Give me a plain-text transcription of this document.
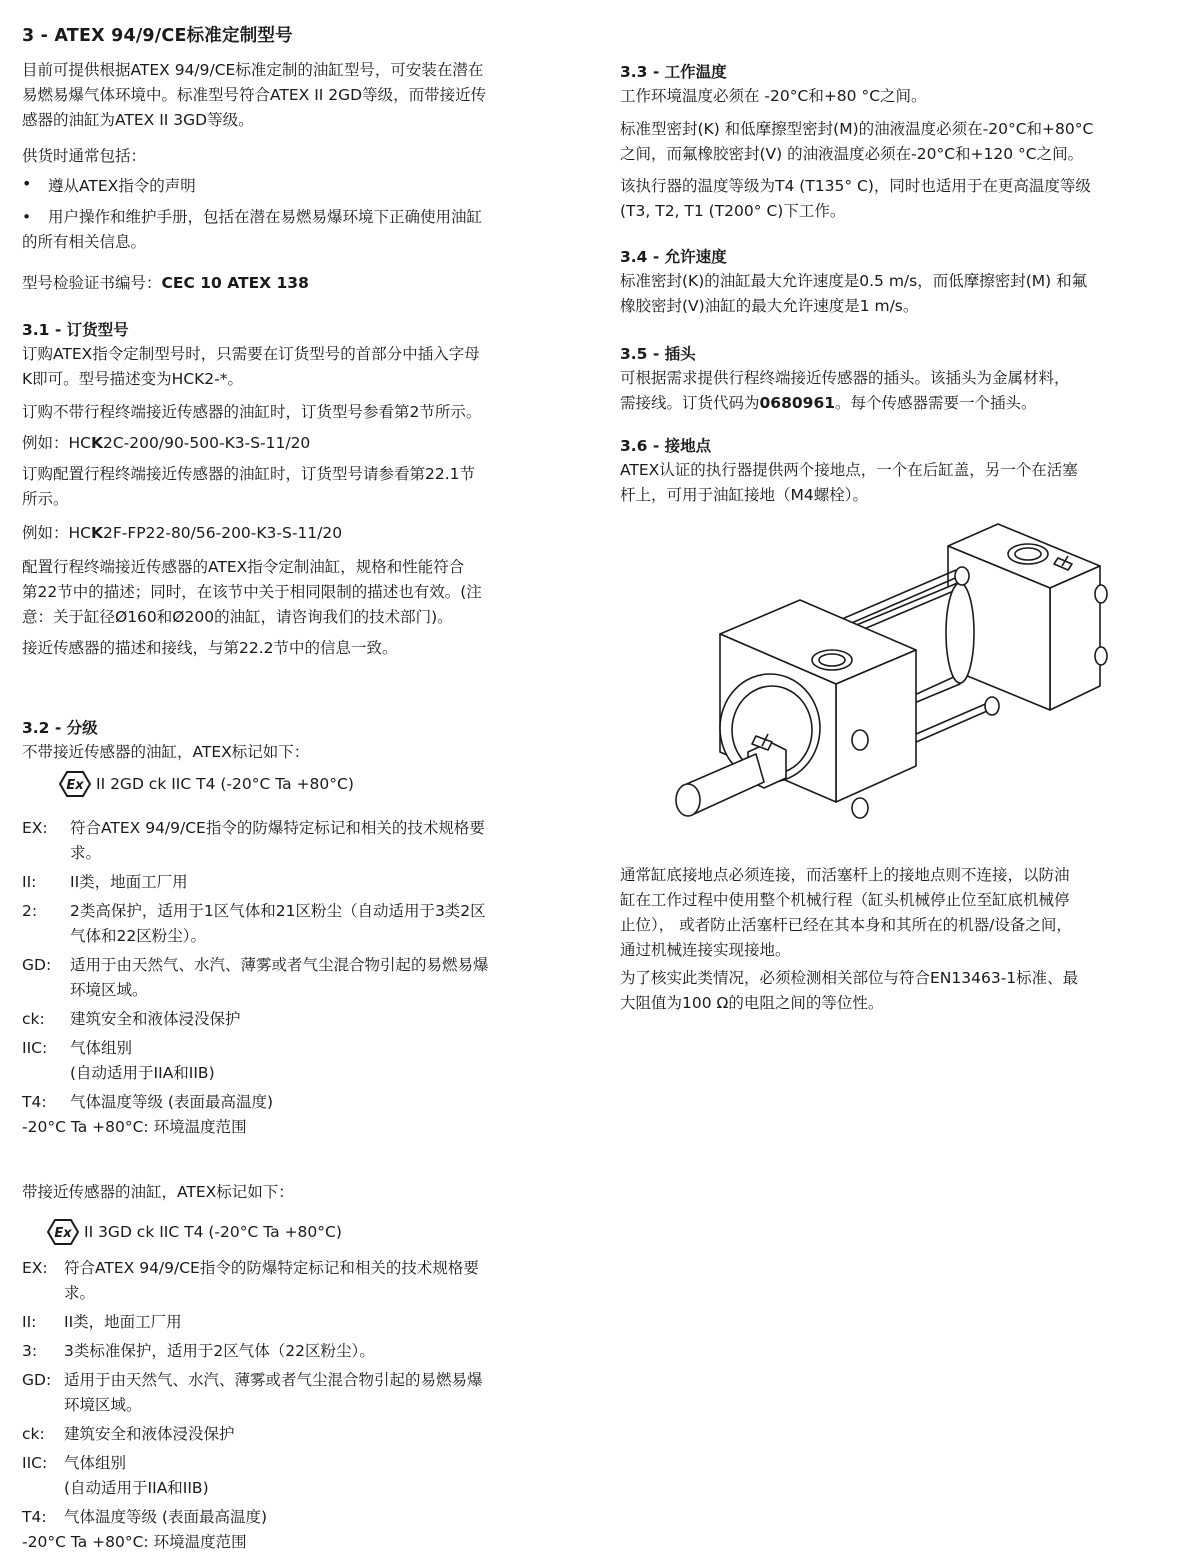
3 - ATEX 94/9/CE标准定制型号

目前可提供根据ATEX 94/9/CE标准定制的油缸型号，可安装在潜在

易燃易爆气体环境中。标准型号符合ATEX II 2GD等级，而带接近传

感器的油缸为ATEX II 3GD等级。

供货时通常包括：

•	遵从ATEX指令的声明

• 用户操作和维护手册，包括在潜在易燃易爆环境下正确使用油缸

的所有相关信息。

型号检验证书编号：CEC 10 ATEX 138

3.1 - 订货型号

订购ATEX指令定制型号时，只需要在订货型号的首部分中插入字母

K即可。型号描述变为HCK2-*。

订购不带行程终端接近传感器的油缸时，订货型号参看第2节所示。

例如：HCK2C-200/90-500-K3-S-11/20

订购配置行程终端接近传感器的油缸时，订货型号请参看第22.1节

所示。

例如：HCK2F-FP22-80/56-200-K3-S-11/20

配置行程终端接近传感器的ATEX指令定制油缸，规格和性能符合

第22节中的描述；同时，在该节中关于相同限制的描述也有效。(注

意：关于缸径Ø160和Ø200的油缸，请咨询我们的技术部门)。

接近传感器的描述和接线，与第22.2节中的信息一致。

3.2 - 分级

不带接近传感器的油缸，ATEX标记如下：

Ex II 2GD ck IIC T4 (-20°C Ta +80°C)
EX:	符合ATEX 94/9/CE指令的防爆特定标记和相关的技术规格要

求。

II:	II类，地面工厂用

2:	2类高保护，适用于1区气体和21区粉尘（自动适用于3类2区

气体和22区粉尘）。

GD:	适用于由天然气、水汽、薄雾或者气尘混合物引起的易燃易爆

环境区域。

ck:	建筑安全和液体浸没保护

IIC:	气体组别

(自动适用于IIA和IIB)

T4:	气体温度等级 (表面最高温度)

-20°C Ta +80°C: 环境温度范围

带接近传感器的油缸，ATEX标记如下：

Ex II 3GD ck IIC T4 (-20°C Ta +80°C)
EX:	符合ATEX 94/9/CE指令的防爆特定标记和相关的技术规格要

求。

II:	II类，地面工厂用

3:	3类标准保护，适用于2区气体（22区粉尘）。

GD: 适用于由天然气、水汽、薄雾或者气尘混合物引起的易燃易爆

环境区域。

ck:	建筑安全和液体浸没保护

IIC:	气体组别

(自动适用于IIA和IIB)

T4:	气体温度等级 (表面最高温度)

-20°C Ta +80°C: 环境温度范围

3.3 - 工作温度

工作环境温度必须在 -20°C和+80 °C之间。

标准型密封(K) 和低摩擦型密封(M)的油液温度必须在-20°C和+80°C

之间，而氟橡胶密封(V) 的油液温度必须在-20°C和+120 °C之间。

该执行器的温度等级为T4 (T135° C)，同时也适用于在更高温度等级

(T3, T2, T1 (T200° C)下工作。

3.4 - 允许速度

标准密封(K)的油缸最大允许速度是0.5 m/s，而低摩擦密封(M) 和氟

橡胶密封(V)油缸的最大允许速度是1 m/s。

3.5 - 插头

可根据需求提供行程终端接近传感器的插头。该插头为金属材料，

需接线。订货代码为0680961。每个传感器需要一个插头。

3.6 - 接地点

ATEX认证的执行器提供两个接地点，一个在后缸盖，另一个在活塞

杆上，可用于油缸接地（M4螺栓）。

通常缸底接地点必须连接，而活塞杆上的接地点则不连接，以防油

缸在工作过程中使用整个机械行程（缸头机械停止位至缸底机械停

止位）， 或者防止活塞杆已经在其本身和其所在的机器/设备之间，

通过机械连接实现接地。

为了核实此类情况，必须检测相关部位与符合EN13463-1标准、最

大阻值为100 Ω的电阻之间的等位性。
